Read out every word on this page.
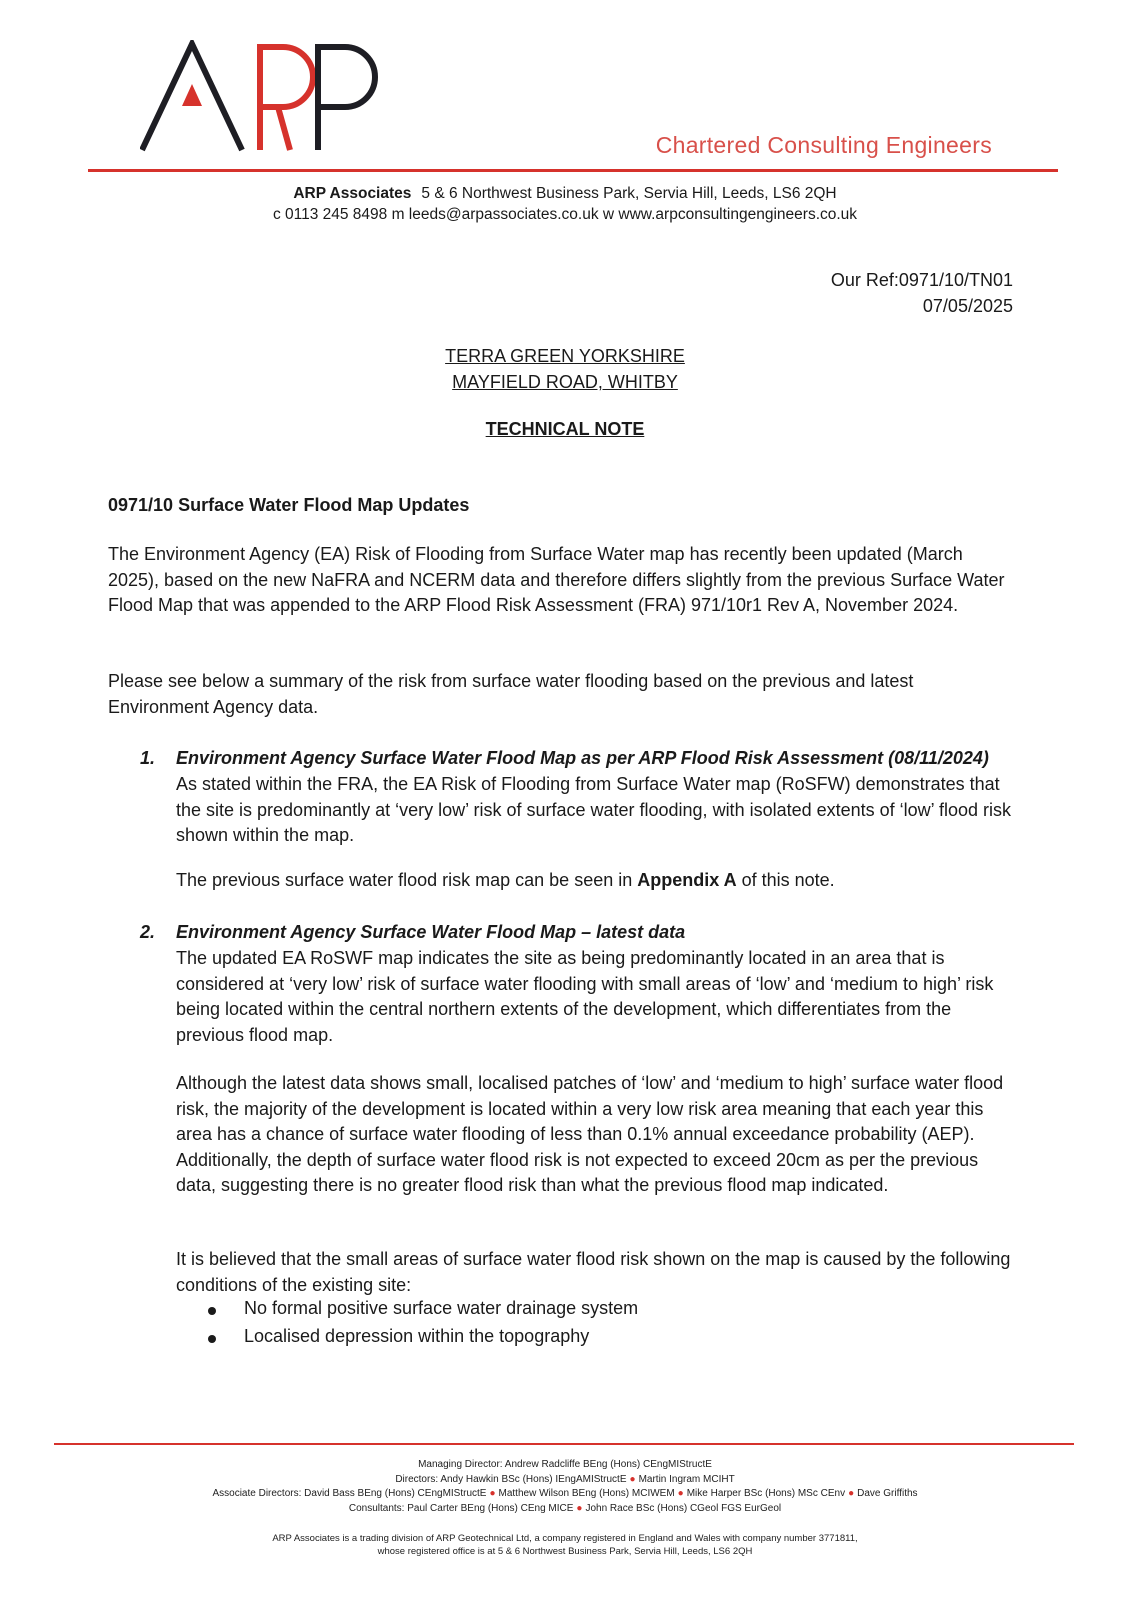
Chartered Consulting Engineers
ARP Associates 5 & 6 Northwest Business Park, Servia Hill, Leeds, LS6 2QH
c 0113 245 8498 m leeds@arpassociates.co.uk w www.arpconsultingengineers.co.uk
Our Ref:0971/10/TN01
07/05/2025
TERRA GREEN YORKSHIRE
MAYFIELD ROAD, WHITBY
TECHNICAL NOTE
0971/10 Surface Water Flood Map Updates

The Environment Agency (EA) Risk of Flooding from Surface Water map has recently been updated (March 2025), based on the new NaFRA and NCERM data and therefore differs slightly from the previous Surface Water Flood Map that was appended to the ARP Flood Risk Assessment (FRA) 971/10r1 Rev A, November 2024.

Please see below a summary of the risk from surface water flooding based on the previous and latest Environment Agency data.

1. Environment Agency Surface Water Flood Map as per ARP Flood Risk Assessment (08/11/2024)

As stated within the FRA, the EA Risk of Flooding from Surface Water map (RoSFW) demonstrates that the site is predominantly at ‘very low’ risk of surface water flooding, with isolated extents of ‘low’ flood risk shown within the map.

The previous surface water flood risk map can be seen in Appendix A of this note.

2. Environment Agency Surface Water Flood Map – latest data

The updated EA RoSWF map indicates the site as being predominantly located in an area that is considered at ‘very low’ risk of surface water flooding with small areas of ‘low’ and ‘medium to high’ risk being located within the central northern extents of the development, which differentiates from the previous flood map.

Although the latest data shows small, localised patches of ‘low’ and ‘medium to high’ surface water flood risk, the majority of the development is located within a very low risk area meaning that each year this area has a chance of surface water flooding of less than 0.1% annual exceedance probability (AEP). Additionally, the depth of surface water flood risk is not expected to exceed 20cm as per the previous data, suggesting there is no greater flood risk than what the previous flood map indicated.

It is believed that the small areas of surface water flood risk shown on the map is caused by the following conditions of the existing site:

No formal positive surface water drainage system
Localised depression within the topography
Managing Director: Andrew Radcliffe BEng (Hons) CEngMIStructE
Directors: Andy Hawkin BSc (Hons) IEngAMIStructE ● Martin Ingram MCIHT
Associate Directors: David Bass BEng (Hons) CEngMIStructE ● Matthew Wilson BEng (Hons) MCIWEM ● Mike Harper BSc (Hons) MSc CEnv ● Dave Griffiths
Consultants: Paul Carter BEng (Hons) CEng MICE ● John Race BSc (Hons) CGeol FGS EurGeol
ARP Associates is a trading division of ARP Geotechnical Ltd, a company registered in England and Wales with company number 3771811,
whose registered office is at 5 & 6 Northwest Business Park, Servia Hill, Leeds, LS6 2QH
